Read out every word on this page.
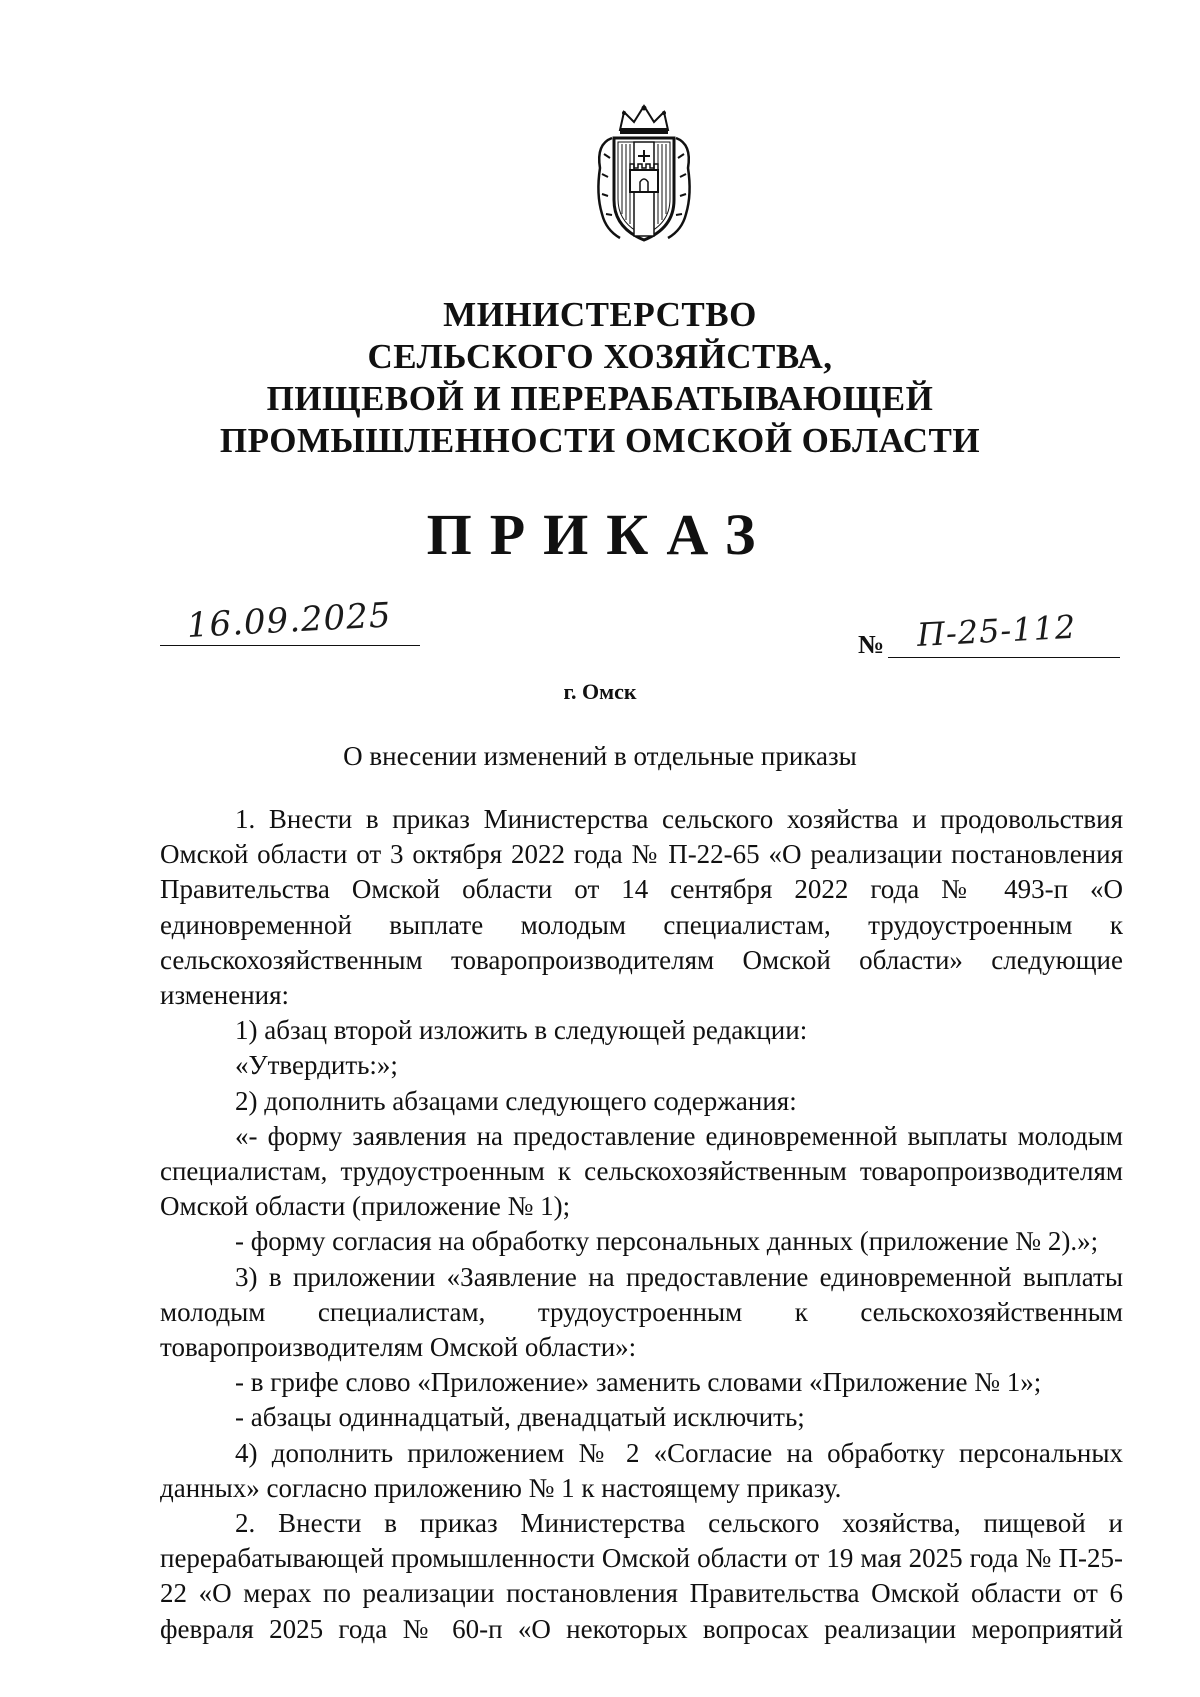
МИНИСТЕРСТВО
СЕЛЬСКОГО ХОЗЯЙСТВА,
ПИЩЕВОЙ И ПЕРЕРАБАТЫВАЮЩЕЙ
ПРОМЫШЛЕННОСТИ ОМСКОЙ ОБЛАСТИ
ПРИКАЗ
16.09.2025	№ П-25-112
г. Омск
О внесении изменений в отдельные приказы

1. Внести в приказ Министерства сельского хозяйства и продовольствия Омской области от 3 октября 2022 года № П-22-65 «О реализации постановления Правительства Омской области от 14 сентября 2022 года № 493-п «О единовременной выплате молодым специалистам, трудоустроенным к сельскохозяйственным товаропроизводителям Омской области» следующие изменения:

1) абзац второй изложить в следующей редакции:

«Утвердить:»;

2) дополнить абзацами следующего содержания:

«- форму заявления на предоставление единовременной выплаты молодым специалистам, трудоустроенным к сельскохозяйственным товаропроизводителям Омской области (приложение № 1);

- форму согласия на обработку персональных данных (приложение № 2).»;

3) в приложении «Заявление на предоставление единовременной выплаты молодым специалистам, трудоустроенным к сельскохозяйственным товаропроизводителям Омской области»:

- в грифе слово «Приложение» заменить словами «Приложение № 1»;

- абзацы одиннадцатый, двенадцатый исключить;

4) дополнить приложением № 2 «Согласие на обработку персональных данных» согласно приложению № 1 к настоящему приказу.

2. Внести в приказ Министерства сельского хозяйства, пищевой и перерабатывающей промышленности Омской области от 19 мая 2025 года № П-25-22 «О мерах по реализации постановления Правительства Омской области от 6 февраля 2025 года № 60-п «О некоторых вопросах реализации мероприятий
